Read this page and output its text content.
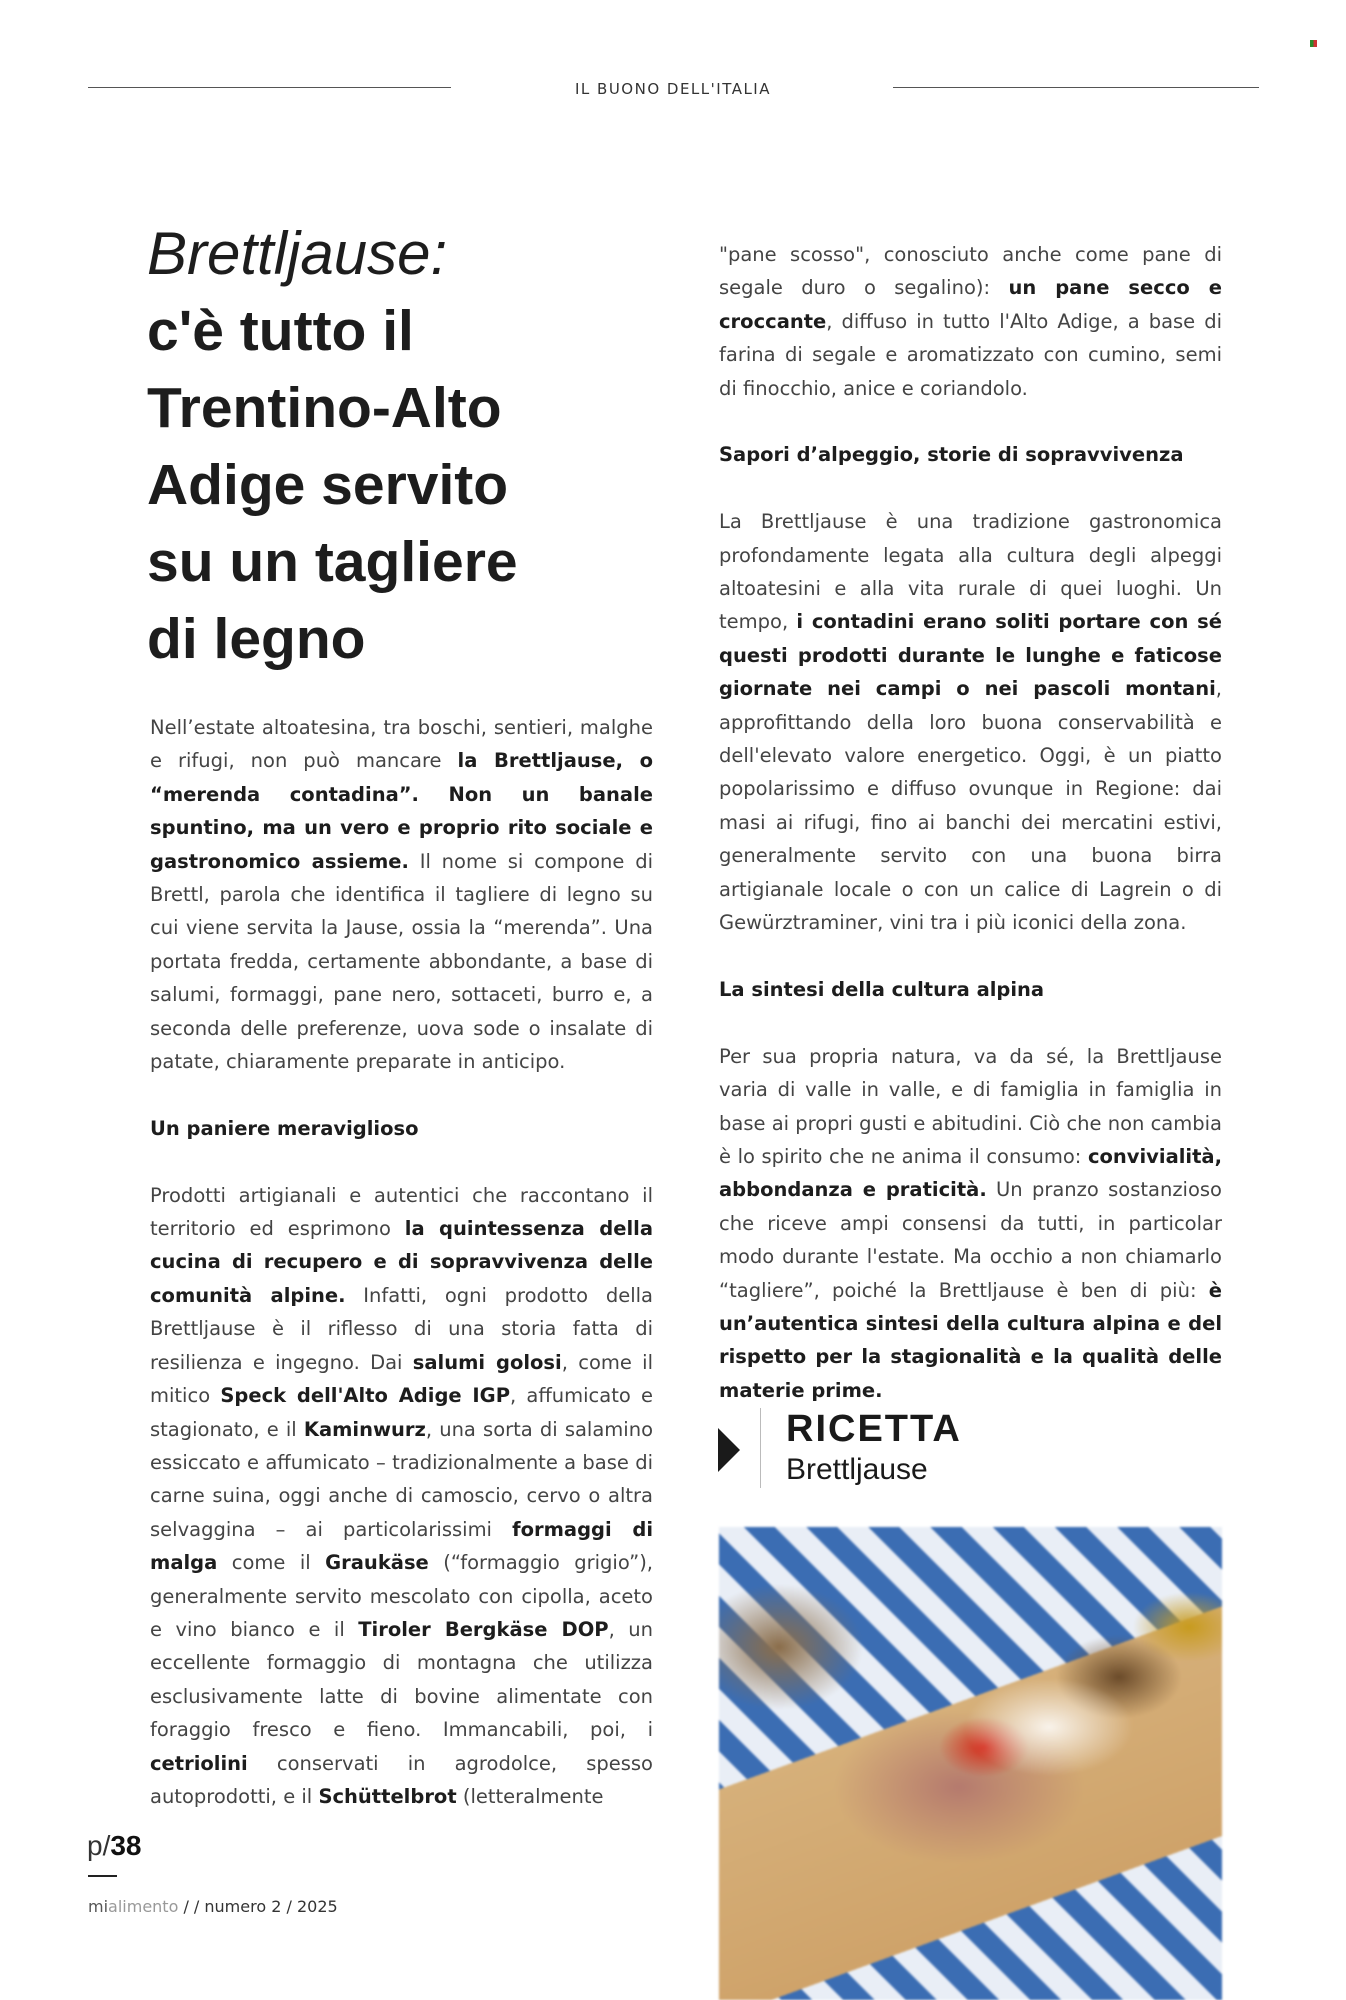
IL BUONO DELL'ITALIA
Brettljause:
c'è tutto il
Trentino-Alto
Adige servito
su un tagliere
di legno

Nell’estate altoatesina, tra boschi, sentieri, malghe e rifugi, non può mancare la Brettljause, o “merenda contadina”. Non un banale spuntino, ma un vero e proprio rito sociale e gastronomico assieme. Il nome si compone di Brettl, parola che identifica il tagliere di legno su cui viene servita la Jause, ossia la “merenda”. Una portata fredda, certamente abbondante, a base di salumi, formaggi, pane nero, sottaceti, burro e, a seconda delle preferenze, uova sode o insalate di patate, chiaramente preparate in anticipo.

Un paniere meraviglioso

Prodotti artigianali e autentici che raccontano il territorio ed esprimono la quintessenza della cucina di recupero e di sopravvivenza delle comunità alpine. Infatti, ogni prodotto della Brettljause è il riflesso di una storia fatta di resilienza e ingegno. Dai salumi golosi, come il mitico Speck dell'Alto Adige IGP, affumicato e stagionato, e il Kaminwurz, una sorta di salamino essiccato e affumicato – tradizionalmente a base di carne suina, oggi anche di camoscio, cervo o altra selvaggina – ai particolarissimi formaggi di malga come il Graukäse (“formaggio grigio”), generalmente servito mescolato con cipolla, aceto e vino bianco e il Tiroler Bergkäse DOP, un eccellente formaggio di montagna che utilizza esclusivamente latte di bovine alimentate con foraggio fresco e fieno. Immancabili, poi, i cetriolini conservati in agrodolce, spesso autoprodotti, e il Schüttelbrot (letteralmente

"pane scosso", conosciuto anche come pane di segale duro o segalino): un pane secco e croccante, diffuso in tutto l'Alto Adige, a base di farina di segale e aromatizzato con cumino, semi di finocchio, anice e coriandolo.

Sapori d’alpeggio, storie di sopravvivenza

La Brettljause è una tradizione gastronomica profondamente legata alla cultura degli alpeggi altoatesini e alla vita rurale di quei luoghi. Un tempo, i contadini erano soliti portare con sé questi prodotti durante le lunghe e faticose giornate nei campi o nei pascoli montani, approfittando della loro buona conservabilità e dell'elevato valore energetico. Oggi, è un piatto popolarissimo e diffuso ovunque in Regione: dai masi ai rifugi, fino ai banchi dei mercatini estivi, generalmente servito con una buona birra artigianale locale o con un calice di Lagrein o di Gewürztraminer, vini tra i più iconici della zona.

La sintesi della cultura alpina

Per sua propria natura, va da sé, la Brettljause varia di valle in valle, e di famiglia in famiglia in base ai propri gusti e abitudini. Ciò che non cambia è lo spirito che ne anima il consumo: convivialità, abbondanza e praticità. Un pranzo sostanzioso che riceve ampi consensi da tutti, in particolar modo durante l'estate. Ma occhio a non chiamarlo “tagliere”, poiché la Brettljause è ben di più: è un’autentica sintesi della cultura alpina e del rispetto per la stagionalità e la qualità delle materie prime.

RICETTA
Brettljause
p/38
mialimento / / numero 2 / 2025
